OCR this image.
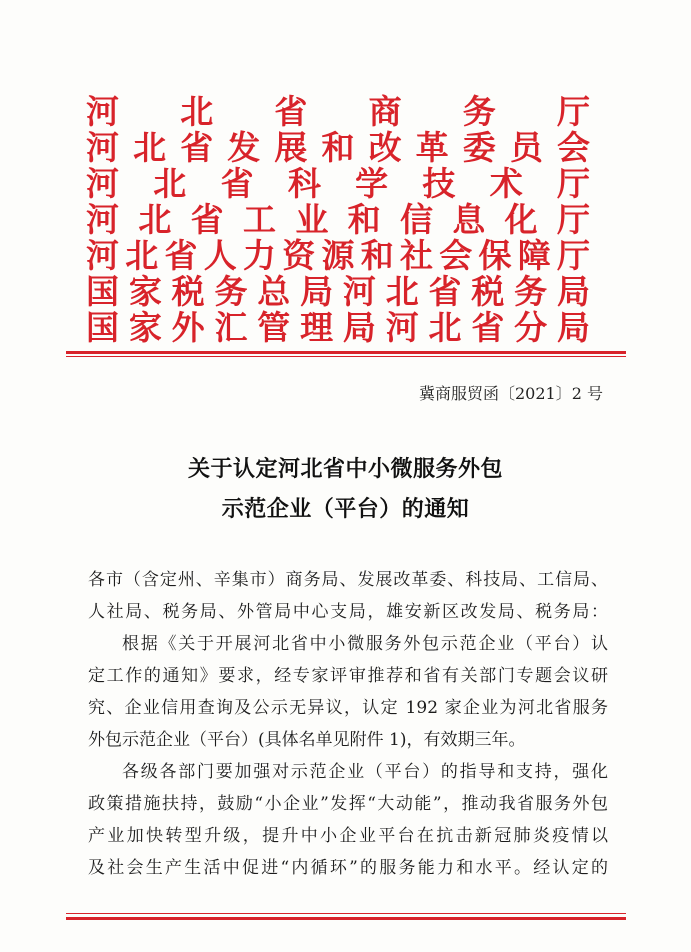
河 北 省 商 务 厅
河 北 省 发 展 和 改 革 委 员 会
河 北 省 科 学 技 术 厅
河 北 省 工 业 和 信 息 化 厅
河 北 省 人 力 资 源 和 社 会 保 障 厅
国 家 税 务 总 局 河 北 省 税 务 局
国 家 外 汇 管 理 局 河 北 省 分 局
冀商服贸函〔2021〕2 号
关于认定河北省中小微服务外包
示范企业（平台）的通知
各市（含定州、辛集市）商务局、发展改革委、科技局、工信局、
人社局、税务局、外管局中心支局，雄安新区改发局、税务局：
根据《关于开展河北省中小微服务外包示范企业（平台）认
定工作的通知》要求，经专家评审推荐和省有关部门专题会议研
究、企业信用查询及公示无异议，认定 192 家企业为河北省服务
外包示范企业（平台）(具体名单见附件 1)，有效期三年。
各级各部门要加强对示范企业（平台）的指导和支持，强化
政策措施扶持，鼓励“小企业”发挥“大动能”，推动我省服务外包
产业加快转型升级，提升中小企业平台在抗击新冠肺炎疫情以
及社会生产生活中促进“内循环”的服务能力和水平。经认定的
